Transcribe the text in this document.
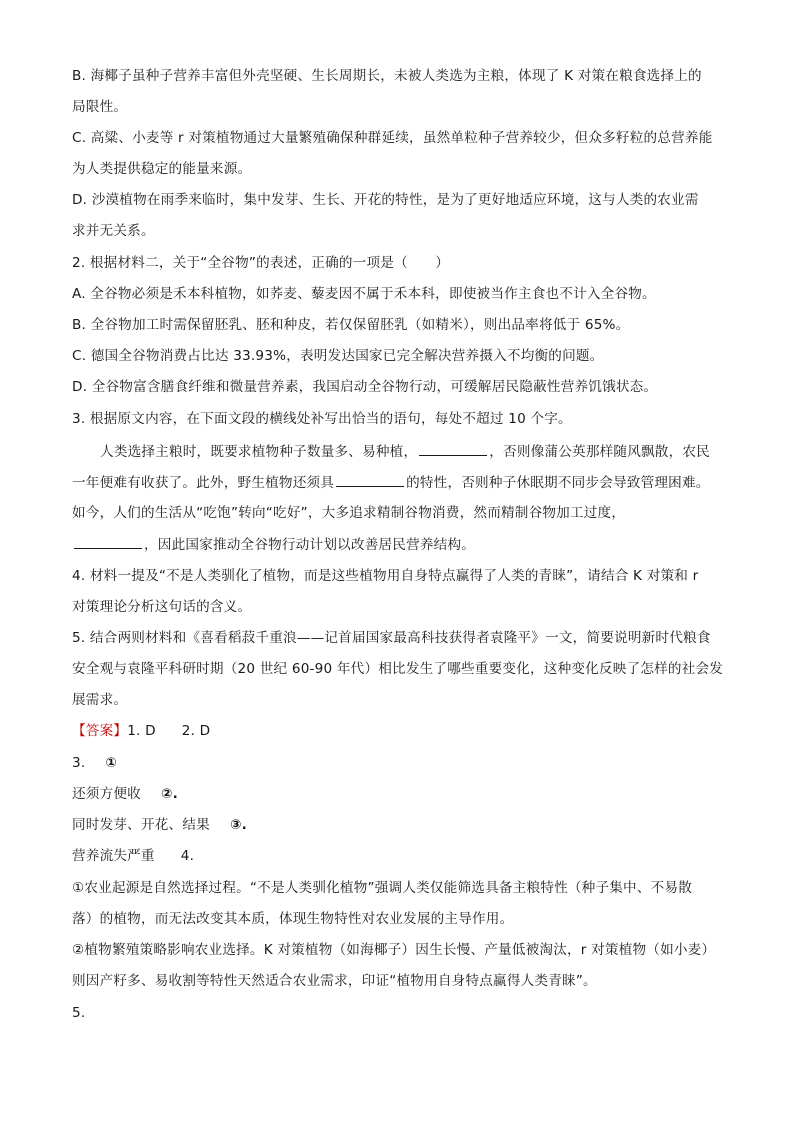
B. 海椰子虽种子营养丰富但外壳坚硬、生长周期长，未被人类选为主粮，体现了 K 对策在粮食选择上的
局限性。
C. 高粱、小麦等 r 对策植物通过大量繁殖确保种群延续，虽然单粒种子营养较少，但众多籽粒的总营养能
为人类提供稳定的能量来源。
D. 沙漠植物在雨季来临时，集中发芽、生长、开花的特性，是为了更好地适应环境，这与人类的农业需
求并无关系。
2. 根据材料二，关于“全谷物”的表述，正确的一项是（　　）
A. 全谷物必须是禾本科植物，如荞麦、藜麦因不属于禾本科，即使被当作主食也不计入全谷物。
B. 全谷物加工时需保留胚乳、胚和种皮，若仅保留胚乳（如精米），则出品率将低于 65%。
C. 德国全谷物消费占比达 33.93%，表明发达国家已完全解决营养摄入不均衡的问题。
D. 全谷物富含膳食纤维和微量营养素，我国启动全谷物行动，可缓解居民隐蔽性营养饥饿状态。
3. 根据原文内容，在下面文段的横线处补写出恰当的语句，每处不超过 10 个字。
人类选择主粮时，既要求植物种子数量多、易种植，	，否则像蒲公英那样随风飘散，农民
一年便难有收获了。此外，野生植物还须具	的特性，否则种子休眠期不同步会导致管理困难。
如今，人们的生活从“吃饱”转向“吃好”，大多追求精制谷物消费，然而精制谷物加工过度，
，因此国家推动全谷物行动计划以改善居民营养结构。
4. 材料一提及“不是人类驯化了植物，而是这些植物用自身特点赢得了人类的青睐”，请结合 K 对策和 r
对策理论分析这句话的含义。
5. 结合两则材料和《喜看稻菽千重浪——记首届国家最高科技获得者袁隆平》一文，简要说明新时代粮食
安全观与袁隆平科研时期（20 世纪 60-90 年代）相比发生了哪些重要变化，这种变化反映了怎样的社会发
展需求。
【答案】1. D 2. D
3. ①
还须方便收 ②.
同时发芽、开花、结果 ③.
营养流失严重 4.
①农业起源是自然选择过程。“不是人类驯化植物”强调人类仅能筛选具备主粮特性（种子集中、不易散
落）的植物，而无法改变其本质，体现生物特性对农业发展的主导作用。
②植物繁殖策略影响农业选择。K 对策植物（如海椰子）因生长慢、产量低被淘汰，r 对策植物（如小麦）
则因产籽多、易收割等特性天然适合农业需求，印证“植物用自身特点赢得人类青睐”。
5.
